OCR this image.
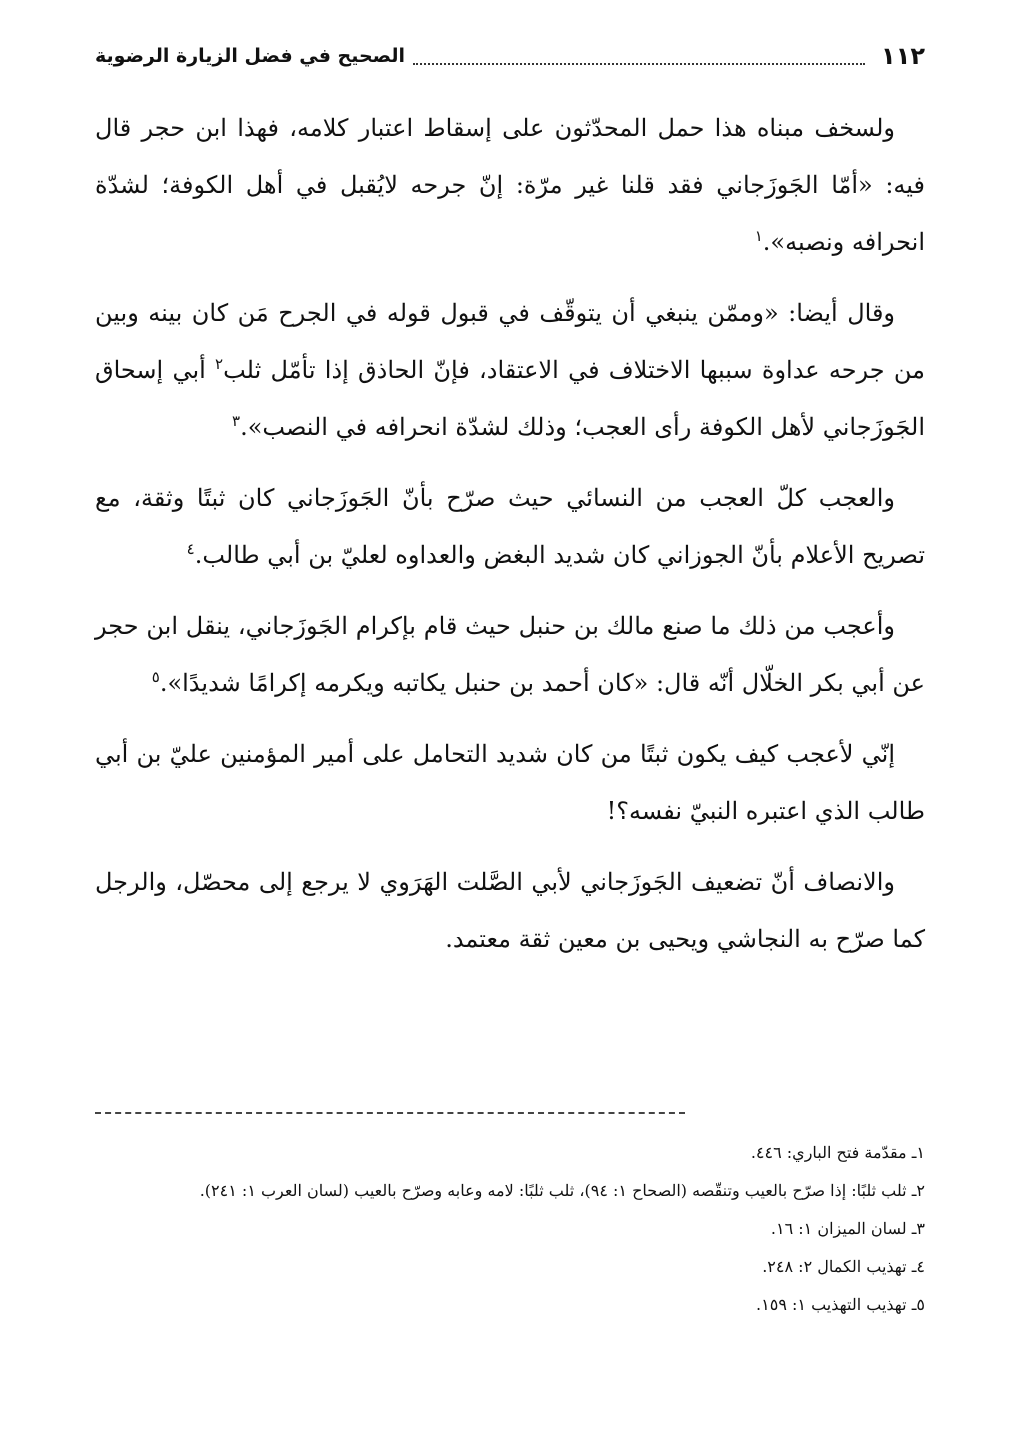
١١٢
الصحيح في فضل الزيارة الرضوية

ولسخف مبناه هذا حمل المحدّثون على إسقاط اعتبار كلامه، فهذا ابن حجر قال فيه: «أمّا الجَوزَجاني فقد قلنا غير مرّة: إنّ جرحه لايُقبل في أهل الكوفة؛ لشدّة انحرافه ونصبه».$^١$

وقال أيضا: «وممّن ينبغي أن يتوقّف في قبول قوله في الجرح مَن كان بينه وبين من جرحه عداوة سببها الاختلاف في الاعتقاد، فإنّ الحاذق إذا تأمّل ثلب$^٢$ أبي إسحاق الجَوزَجاني لأهل الكوفة رأى العجب؛ وذلك لشدّة انحرافه في النصب».$^٣$

والعجب كلّ العجب من النسائي حيث صرّح بأنّ الجَوزَجاني كان ثبتًا وثقة، مع تصريح الأعلام بأنّ الجوزاني كان شديد البغض والعداوه لعليّ بن أبي طالب.$^٤$

وأعجب من ذلك ما صنع مالك بن حنبل حيث قام بإكرام الجَوزَجاني، ينقل ابن حجر عن أبي بكر الخلّال أنّه قال: «كان أحمد بن حنبل يكاتبه ويكرمه إكرامًا شديدًا».$^٥$

إنّي لأعجب كيف يكون ثبتًا من كان شديد التحامل على أمير المؤمنين عليّ بن أبي طالب الذي اعتبره النبيّ نفسه؟!

والانصاف أنّ تضعيف الجَوزَجاني لأبي الصَّلت الهَرَوي لا يرجع إلى محصّل، والرجل كما صرّح به النجاشي ويحيى بن معين ثقة معتمد.

١ـ مقدّمة فتح الباري: ٤٤٦.

٢ـ ثلب ثلبًا: إذا صرّح بالعيب وتنقّصه (الصحاح ١: ٩٤)، ثلب ثلبًا: لامه وعابه وصرّح بالعيب (لسان العرب ١: ٢٤١).

٣ـ لسان الميزان ١: ١٦.

٤ـ تهذيب الكمال ٢: ٢٤٨.

٥ـ تهذيب التهذيب ١: ١٥٩.
